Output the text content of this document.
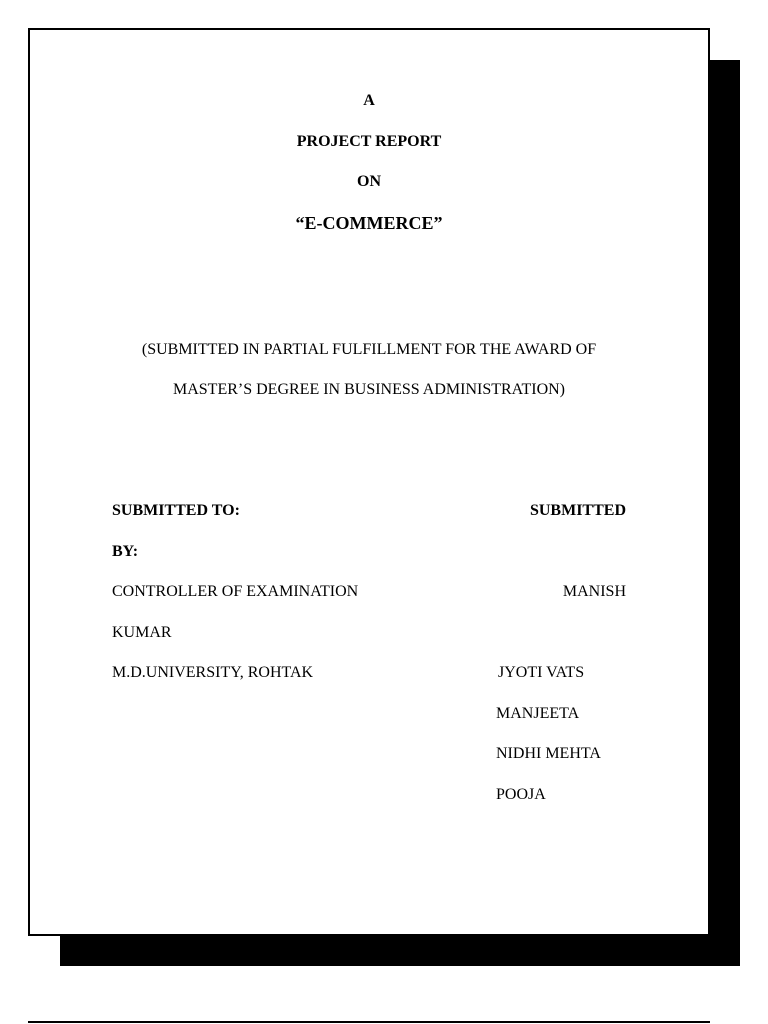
A
PROJECT REPORT
ON
“E-COMMERCE”
(SUBMITTED IN PARTIAL FULFILLMENT FOR THE AWARD OF
MASTER’S DEGREE IN BUSINESS ADMINISTRATION)
SUBMITTED TO:	SUBMITTED
BY:
CONTROLLER OF EXAMINATION	MANISH
KUMAR
M.D.UNIVERSITY, ROHTAK	JYOTI VATS
MANJEETA
NIDHI MEHTA
POOJA
